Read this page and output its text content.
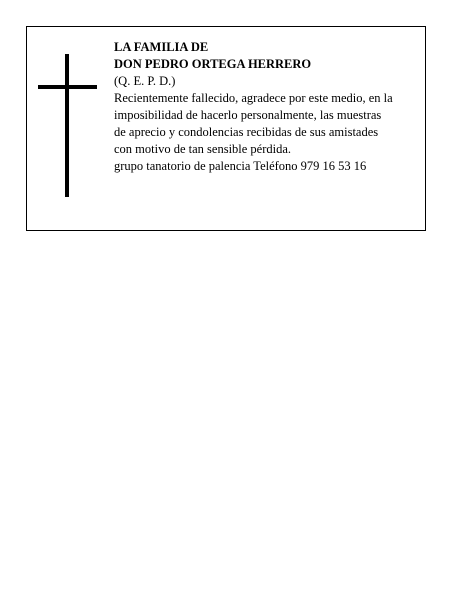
LA FAMILIA DE
DON PEDRO ORTEGA HERRERO
(Q. E. P. D.)
Recientemente fallecido, agradece por este medio, en la
imposibilidad de hacerlo personalmente, las muestras
de aprecio y condolencias recibidas de sus amistades
con motivo de tan sensible pérdida.
grupo tanatorio de palencia Teléfono 979 16 53 16
